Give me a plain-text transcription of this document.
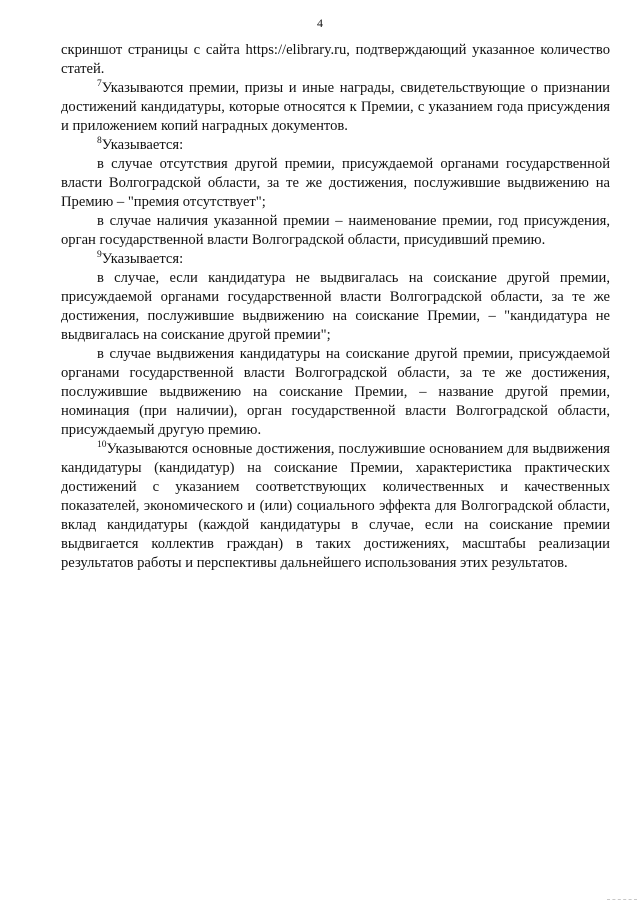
4

скриншот страницы с сайта https://elibrary.ru, подтверждающий указанное количество статей.

$^7$Указываются премии, призы и иные награды, свидетельствующие о признании достижений кандидатуры, которые относятся к Премии, с указанием года присуждения и приложением копий наградных документов.

$^8$Указывается:

в случае отсутствия другой премии, присуждаемой органами государственной власти Волгоградской области, за те же достижения, послужившие выдвижению на Премию – "премия отсутствует";

в случае наличия указанной премии – наименование премии, год присуждения, орган государственной власти Волгоградской области, присудивший премию.

$^9$Указывается:

в случае, если кандидатура не выдвигалась на соискание другой премии, присуждаемой органами государственной власти Волгоградской области, за те же достижения, послужившие выдвижению на соискание Премии, – "кандидатура не выдвигалась на соискание другой премии";

в случае выдвижения кандидатуры на соискание другой премии, присуждаемой органами государственной власти Волгоградской области, за те же достижения, послужившие выдвижению на соискание Премии, – название другой премии, номинация (при наличии), орган государственной власти Волгоградской области, присуждаемый другую премию.

$^{10}$Указываются основные достижения, послужившие основанием для выдвижения кандидатуры (кандидатур) на соискание Премии, характеристика практических достижений с указанием соответствующих количественных и качественных показателей, экономического и (или) социального эффекта для Волгоградской области, вклад кандидатуры (каждой кандидатуры в случае, если на соискание премии выдвигается коллектив граждан) в таких достижениях, масштабы реализации результатов работы и перспективы дальнейшего использования этих результатов.
